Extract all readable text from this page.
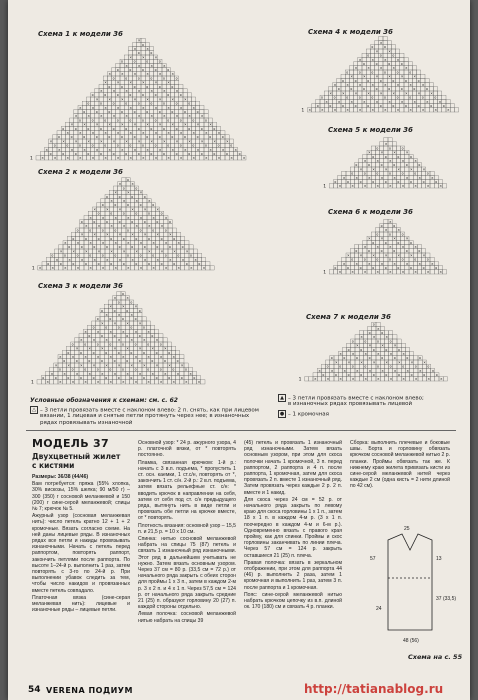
Схема 1 к модели 36
×	×	×	×	×	×	×	×	×	×	×	×	×	×	×	×	×
o	o	o	o	o	o	o	o	o	o	o	o	o	o	o	o
×	×	×	×	×	×	×	×	×	×	×	×	×	×	×	×
o	o	o	o	o	o	o	o	o	o	o	o	o	o	o
×	×	×	×	×	×	×	×	×	×	×	×	×	×	×
o	o	o	o	o	o	o	o	o	o	o	o	o	o
×	×	×	×	×	×	×	×	×	×	×	×	×
o	o	o	o	o	o	o	o	o	o	o	o	o
×	×	×	×	×	×	×	×	×	×	×	×
o	o	o	o	o	o	o	o	o	o	o
×	×	×	×	×	×	×	×	×	×	×
o	o	o	o	o	o	o	o	o	o
×	×	×	×	×	×	×	×	×	×
o	o	o	o	o	o	o	o	o
×	×	×	×	×	×	×	×
o	o	o	o	o	o	o	o
×	×	×	×	×	×	×
o	o	o	o	o	o
×	×	×	×	×	×
o	o	o	o	o	o
×	×	×	×	×	×
o	o	o	o	o
×	×	×	×
o	o	o	o
×	×	×
o	o
×	×
o
×
1
Схема 2 к модели 36
×	×	×	×	×	×	×	×	×	×	×	×	×	×
o	o	o	o	o	o	o	o	o	o	o	o	o
×	×	×	×	×	×	×	×	×	×	×	×
o	o	o	o	o	o	o	o	o	o	o	o
×	×	×	×	×	×	×	×	×	×	×
o	o	o	o	o	o	o	o	o	o
×	×	×	×	×	×	×	×	×	×
o	o	o	o	o	o	o	o	o
×	×	×	×	×	×	×	×
o	o	o	o	o	o	o	o
×	×	×	×	×	×	×
o	o	o	o	o	o	o	o
×	×	×	×	×	×	×
o	o	o	o	o	o
×	×	×	×	×	×
o	o	o	o	o
×	×	×	×
o	o	o	o
×	×	×
o	o
×	×
o
1
Схема 3 к модели 36
×	×	×	×	×	×	×	×	×	×	×	×	×
o	o	o	o	o	o	o	o	o	o	o	o	o
×	×	×	×	×	×	×	×	×	×	×	×
o	o	o	o	o	o	o	o	o	o	o
×	×	×	×	×	×	×	×	×	×	×
o	o	o	o	o	o	o	o	o	o
×	×	×	×	×	×	×	×	×	×
o	o	o	o	o	o	o	o	o
×	×	×	×	×	×	×	×
o	o	o	o	o	o	o	o
×	×	×	×	×	×	×
o	o	o	o	o	o
×	×	×	×	×	×
o	o	o	o	o
×	×	×	×
o	o	o	o
×	×	×
o	o	o	o
×	×	×
o	o
×	×
o
1
Схема 4 к модели 36
×	×	×	×	×	×	×	×	×	×	×	×
o	o	o	o	o	o	o	o	o	o	o
×	×	×	×	×	×	×	×	×	×
o	o	o	o	o	o	o	o	o	o
×	×	×	×	×	×	×	×	×
o	o	o	o	o	o	o	o
×	×	×	×	×	×	×	×
o	o	o	o	o	o	o
×	×	×	×	×	×
o	o	o	o	o	o
×	×	×	×	×
o	o	o	o
×	×	×	×
o	o	o
×	×
o	o
×
1
Схема 5 к модели 36
×	×	×	×	×	×	×	×	×
o	o	o	o	o	o	o	o	o
×	×	×	×	×	×	×	×
o	o	o	o	o	o	o
×	×	×	×	×	×
o	o	o	o	o	o
×	×	×	×	×
o	o	o	o
×	×	×	×
o	o	o
×
1
Схема 6 к модели 36
×	×	×	×	×	×	×	×	×
o	o	o	o	o	o	o	o	o
×	×	×	×	×	×	×	×
o	o	o	o	o	o	o
×	×	×	×	×	×	×
o	o	o	o	o	o
×	×	×	×	×
o	o	o	o
×	×	×	×
o	o	o
×	×
o	o
×
1
Схема 7 к модели 36
×	×	×	×	×	×	×	×	×	×	×
o	o	o	o	o	o	o	o	o	o
×	×	×	×	×	×	×	×	×	×
o	o	o	o	o	o	o	o	o
×	×	×	×	×	×	×	×
o	o	o	o	o	o	o	o
×	×	×	×	×	×
o	o	o	o	o
×	×	×	×
o	o	o	o
×	×	×
o	o
×
o
1
Условные обозначения к схемам: см. с. 62
△ – 3 петли провязать вместе с наклоном влево: 2 п. снять, как при лицевом
вязании, 1 лицевая и снятые петли протянуть через нее; в изнаночных
рядах провязывать изнаночной
▲ – 3 петли провязать вместе с наклоном влево;
в изнаночных рядах провязывать лицевой
● – 1 кромочная
МОДЕЛЬ 37
Двухцветный жилет
с кистями

Размеры: 36/38 (44/46)

Вам потребуется: пряжа (55% хлопка, 30% вискозы, 15% шелка; 90 м/50 г) – 300 (350) г сосновой меланжевой и 150 (200) г сине-серой меланжевой; спицы № 7; крючок № 5.

Ажурный узор (сосновая меланжевая нить): число петель кратно 12 + 1 + 2 кромочные. Вязать согласно схеме. На ней даны лицевые ряды. В изнаночных рядах все петли и накиды провязывать изнаночными. Начать с петель перед раппортом, повторять раппорт, закончить петлями после раппорта. По высоте 1–24-й р. выполнить 1 раз, затем повторять с 3-го по 24-й р. При выполнении убавок следить за тем, чтобы число накидов и провязанных вместе петель совпадало.

Платочная вязка (сине-серая меланжевая нить): лицевые и изнаночные ряды – лицевые петли.

Основной узор: * 24 р. ажурного узора, 4 р. платочной вязки, от * повторять постоянно.

Пламка, связанная крючком: 1-й р.: начать с 3 в.п. подъема, * пропустить 1 ст. осн. каемки, 1 ст.с/н, повторять от *, закончить 1 ст. с/н. 2-й р.: 2 в.п. подъема, затем вязать рельефные ст. с/н: * вводить крючок в направлении на себя, затем от себя под ст. с/н предыдущего ряда, вытянуть нить в виде петли и провязать обе петли на крючке вместе, от * повторять.

Плотность вязания: основной узор – 15,5 п. и 21,5 р. = 10 х 10 см.

Спинка: нитью сосновой меланжевой набрать на спицы 75 (87) петель и связать 1 изнаночный ряд изнаночными. Этот ряд в дальнейшем учитывать не нужно. Затем вязать основным узором. Через 37 см = 80 р. (33,5 см = 72 р.) от начального ряда закрыть с обеих сторон для проймы 1 х 3 п., затем в каждом 2-м р. 3 х 2 п. и 4 х 1 п. Через 57,5 см = 124 р. от начального ряда закрыть средние 21 (25) п. образуют горловину 20 (27) п. каждой стороны отдельно.

Левая полочка: сосновой меланжевой нитью набрать на спицы 39

(45) петель и провязать 1 изнаночный ряд изнаночными. Затем вязать основным узором, при этом для скоса полочки начать 1 кромочной, 3 п. перед раппортом, 2 раппорта и 4 п. после раппорта, 1 кромочная, затем для скоса провязать 2 п. вместе 1 изнаночный ряд. Затем провязать через каждые 2 р. 2 п. вместе и 1 накид.

Для скоса через 24 см = 52 р. от начального ряда закрыть по левому краю для скоса горловины 1 х 1 п., затем 18 х 1 п. в каждом 4-м р. (3 х 1 п. поочередно в каждом 4-м и 6-м р.). Одновременно вязать с правого края пройму, как для спинки. Проймы и скос горловины заканчивать по линии плеча. Через 57 см = 124 р. закрыть оставшиеся 21 (25) п. плеча.

Правая полочка: вязать в зеркальном отображении, при этом для раппорта 44 (46) p. выполнить 2 раза, затем 1 кромочная и выполнить 1 раз, затем 3 п. после раппорта и 1 кромочная.

Пояс: сине-серой меланжевой нитью набрать крючком цепочку из в.п. длиной ок. 170 (180) см и связать 4 р. планки.

Сборка: выполнить плечевые и боковые швы. Борта и горловину обвязать крючком сосновой меланжевой нитью 2 р. планки. Проймы обвязать так же. К нижнему краю жилета привязать кисти из сине-серой меланжевой нитей через каждые 2 см (одна кисть = 2 нити длиной по 42 см).

48 (56)
25
57
37 (33,5)
24
13
Схема на с. 55
54 VERENA ПОДИУМ	http://tatianablog.ru
